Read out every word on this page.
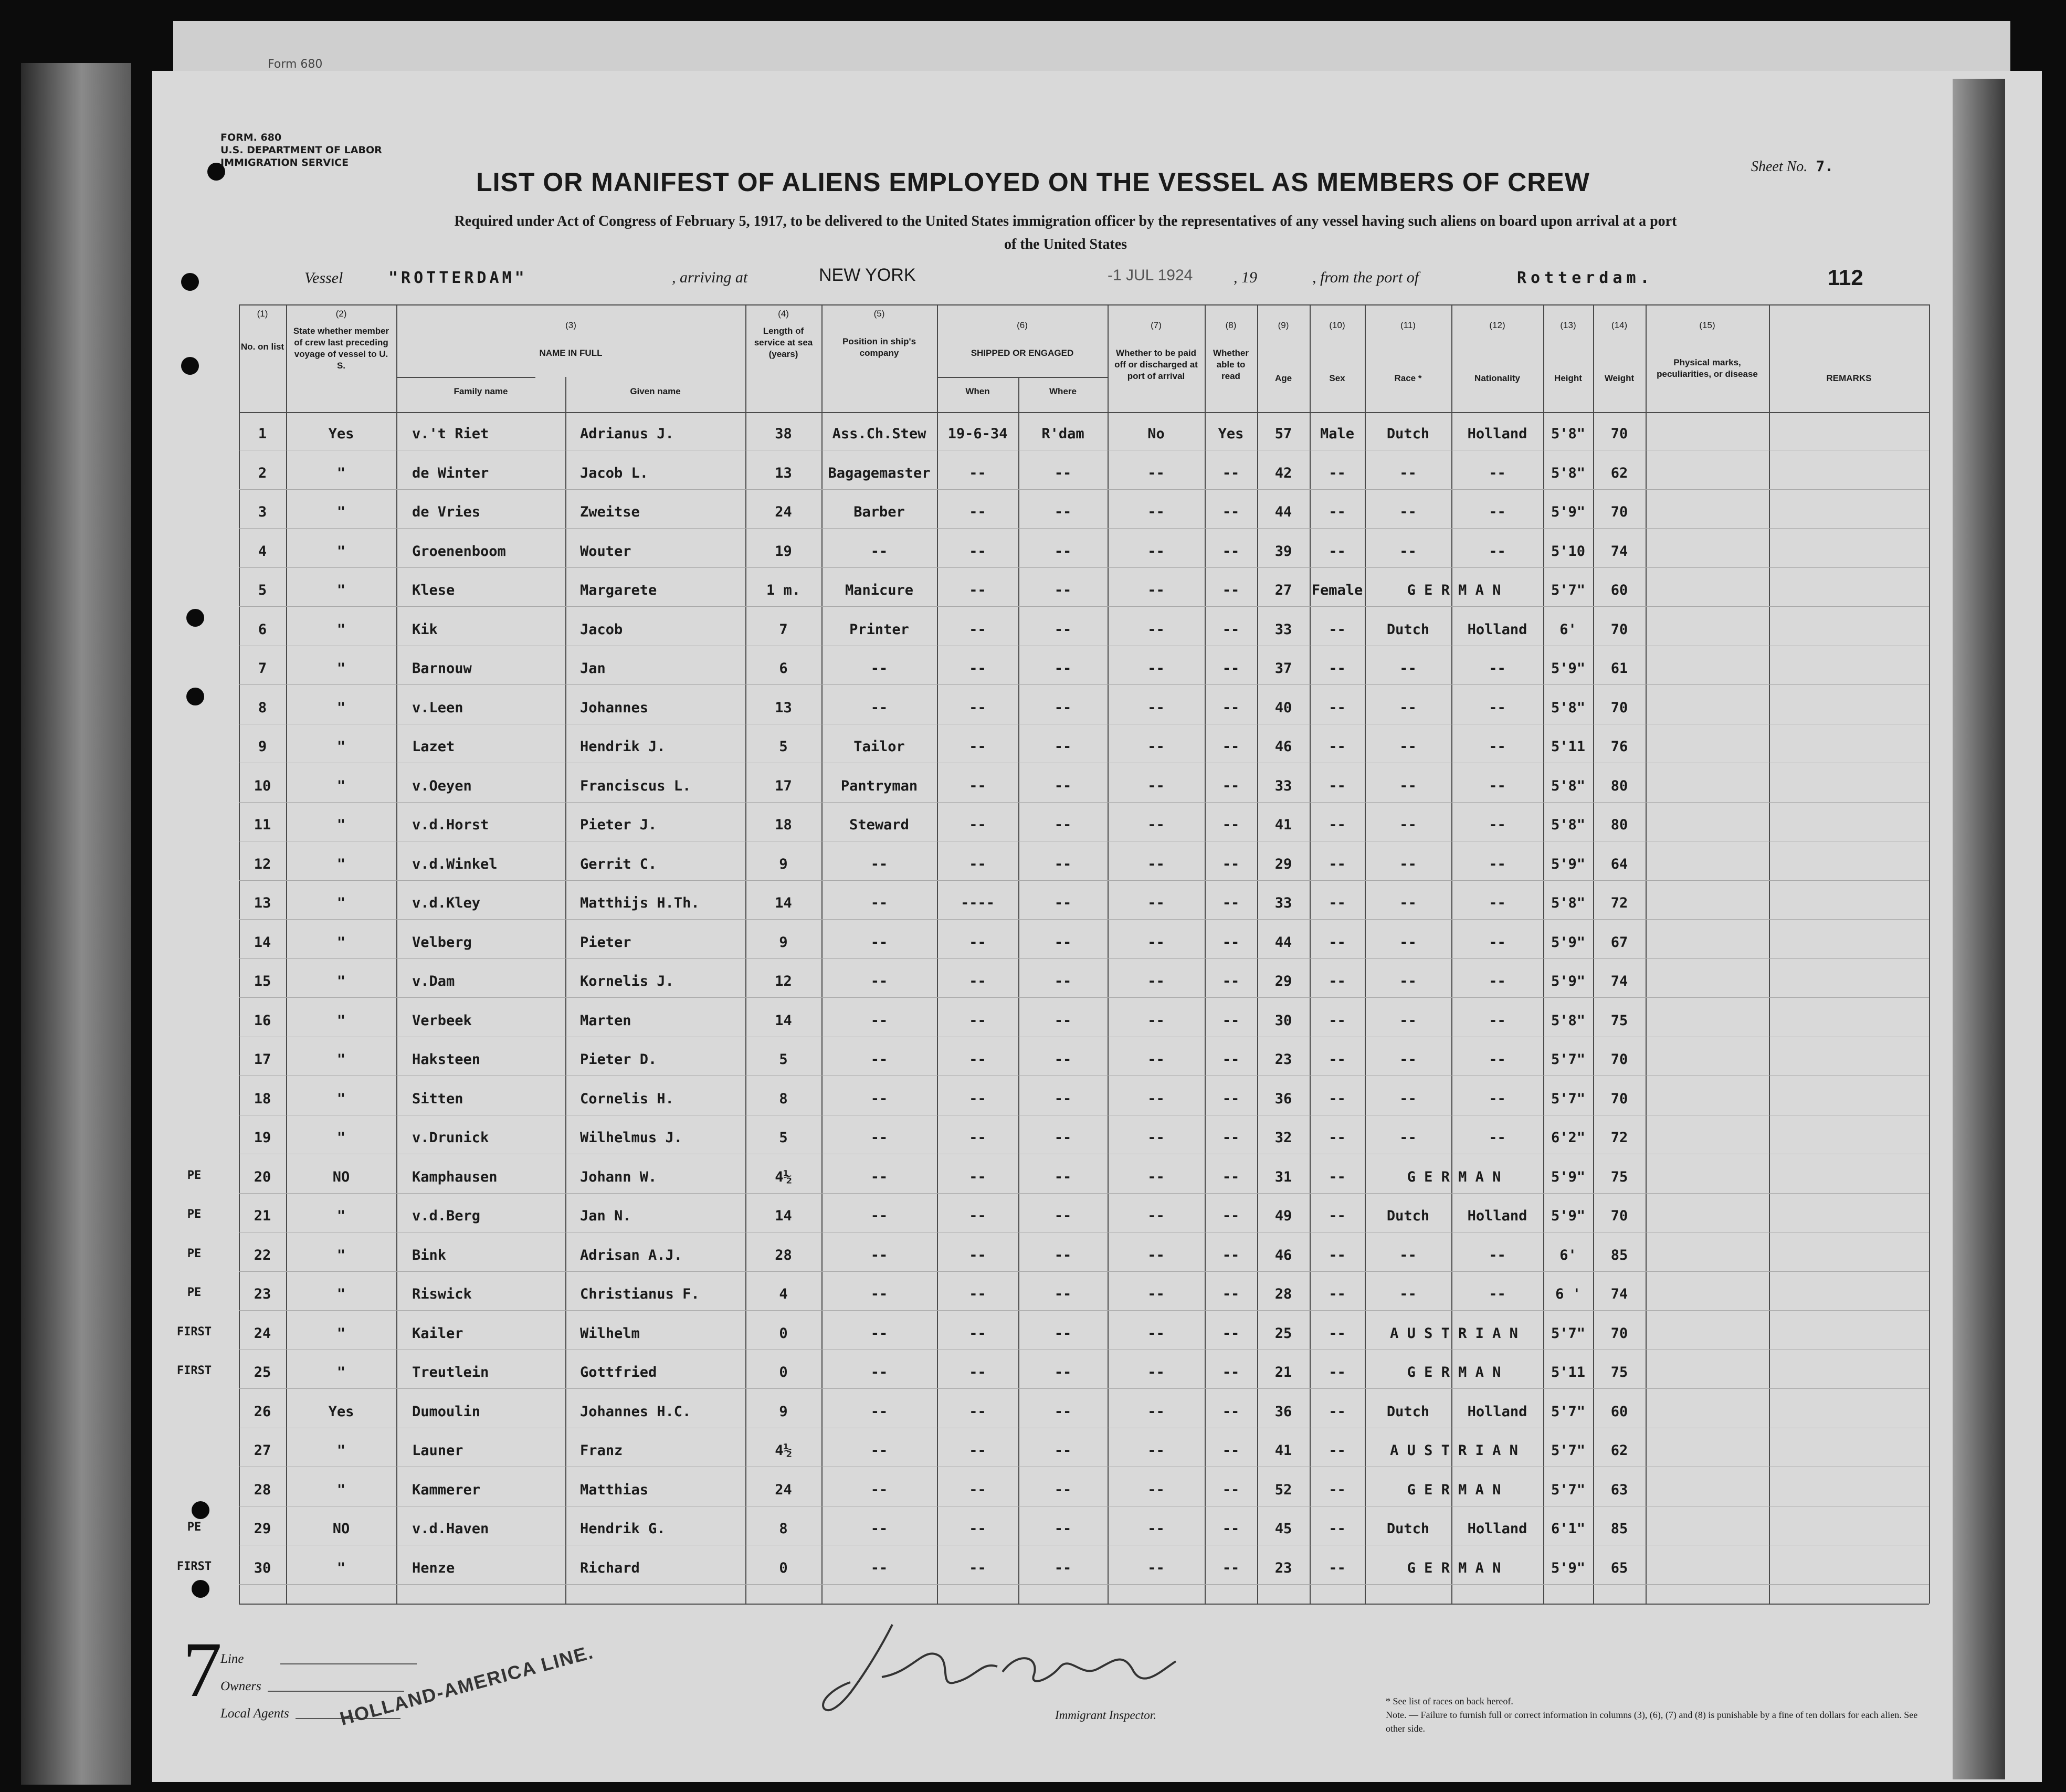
Form 680
FORM. 680
U.S. DEPARTMENT OF LABOR
IMMIGRATION SERVICE
LIST OR MANIFEST OF ALIENS EMPLOYED ON THE VESSEL AS MEMBERS OF CREW
Required under Act of Congress of February 5, 1917, to be delivered to the United States immigration officer by the representatives of any vessel having such aliens on board upon arrival at a port
of the United States
Sheet No. 7.
Vessel	"ROTTERDAM"	, arriving at	NEW YORK	-1 JUL 1924	, 19	, from the port of	Rotterdam.	112
(1)
No. on list
(2)
State whether member of crew last preceding voyage of vessel to U. S.
(3)
NAME IN FULL
Family name	Given name
(4)
Length of service at sea (years)
(5)
Position in ship's company
(6)
SHIPPED OR ENGAGED
When	Where
(7)
Whether to be paid off or discharged at port of arrival
(8)
Whether able to read
(9)
Age
(10)
Sex
(11)
Race *
(12)
Nationality
(13)
Height
(14)
Weight
(15)
Physical marks, peculiarities, or disease	REMARKS
1	Yes	v.'t Riet	Adrianus J.	38	Ass.Ch.Stew	19-6-34	R'dam	No	Yes	57	Male	Dutch	Holland	5'8"	70
2	"	de Winter	Jacob L.	13	Bagagemaster	--	--	--	--	42	--	--	--	5'8"	62
3	"	de Vries	Zweitse	24	Barber	--	--	--	--	44	--	--	--	5'9"	70
4	"	Groenenboom	Wouter	19	--	--	--	--	--	39	--	--	--	5'10	74
5	"	Klese	Margarete	1 m.	Manicure	--	--	--	--	27	Female	G E R M A N	5'7"	60
6	"	Kik	Jacob	7	Printer	--	--	--	--	33	--	Dutch	Holland	6'	70
7	"	Barnouw	Jan	6	--	--	--	--	--	37	--	--	--	5'9"	61
8	"	v.Leen	Johannes	13	--	--	--	--	--	40	--	--	--	5'8"	70
9	"	Lazet	Hendrik J.	5	Tailor	--	--	--	--	46	--	--	--	5'11	76
10	"	v.Oeyen	Franciscus L.	17	Pantryman	--	--	--	--	33	--	--	--	5'8"	80
11	"	v.d.Horst	Pieter J.	18	Steward	--	--	--	--	41	--	--	--	5'8"	80
12	"	v.d.Winkel	Gerrit C.	9	--	--	--	--	--	29	--	--	--	5'9"	64
13	"	v.d.Kley	Matthijs H.Th.	14	--	----	--	--	--	33	--	--	--	5'8"	72
14	"	Velberg	Pieter	9	--	--	--	--	--	44	--	--	--	5'9"	67
15	"	v.Dam	Kornelis J.	12	--	--	--	--	--	29	--	--	--	5'9"	74
16	"	Verbeek	Marten	14	--	--	--	--	--	30	--	--	--	5'8"	75
17	"	Haksteen	Pieter D.	5	--	--	--	--	--	23	--	--	--	5'7"	70
18	"	Sitten	Cornelis H.	8	--	--	--	--	--	36	--	--	--	5'7"	70
19	"	v.Drunick	Wilhelmus J.	5	--	--	--	--	--	32	--	--	--	6'2"	72
PE	20	NO	Kamphausen	Johann W.	4½	--	--	--	--	--	31	--	G E R M A N	5'9"	75
PE	21	"	v.d.Berg	Jan N.	14	--	--	--	--	--	49	--	Dutch	Holland	5'9"	70
PE	22	"	Bink	Adrisan A.J.	28	--	--	--	--	--	46	--	--	--	6'	85
PE	23	"	Riswick	Christianus F.	4	--	--	--	--	--	28	--	--	--	6 '	74
FIRST	24	"	Kailer	Wilhelm	0	--	--	--	--	--	25	--	A U S T R I A N	5'7"	70
FIRST	25	"	Treutlein	Gottfried	0	--	--	--	--	--	21	--	G E R M A N	5'11	75
26	Yes	Dumoulin	Johannes H.C.	9	--	--	--	--	--	36	--	Dutch	Holland	5'7"	60
27	"	Launer	Franz	4½	--	--	--	--	--	41	--	A U S T R I A N	5'7"	62
28	"	Kammerer	Matthias	24	--	--	--	--	--	52	--	G E R M A N	5'7"	63
PE	29	NO	v.d.Haven	Hendrik G.	8	--	--	--	--	--	45	--	Dutch	Holland	6'1"	85
FIRST	30	"	Henze	Richard	0	--	--	--	--	--	23	--	G E R M A N	5'9"	65
7
Line
Owners
Local Agents	HOLLAND-AMERICA LINE.	Immigrant Inspector.
* See list of races on back hereof.
Note. — Failure to furnish full or correct information in columns (3), (6), (7) and (8) is punishable by a fine of ten dollars for each alien. See other side.
